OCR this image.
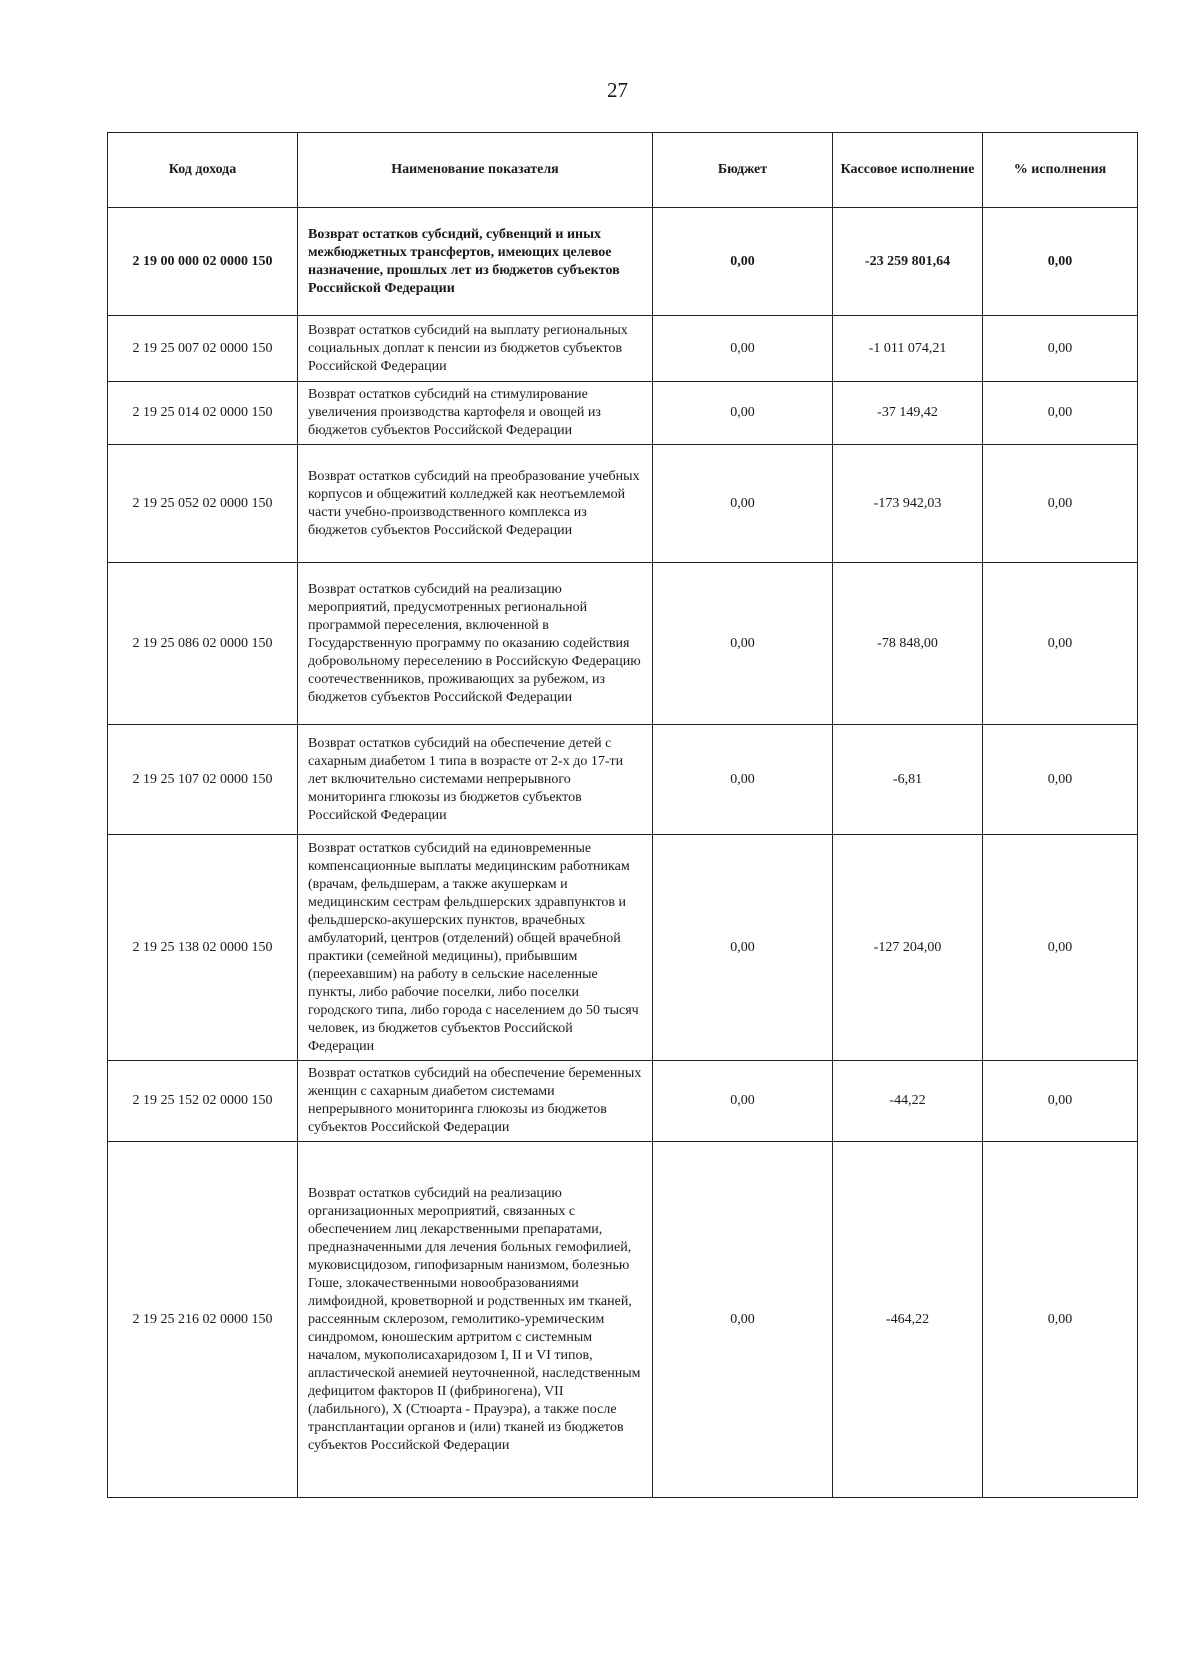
27
Код дохода	Наименование показателя	Бюджет	Кассовое исполнение	% исполнения
2 19 00 000 02 0000 150	Возврат остатков субсидий, субвенций и иных межбюджетных трансфертов, имеющих целевое назначение, прошлых лет из бюджетов субъектов Российской Федерации	0,00	-23 259 801,64	0,00
2 19 25 007 02 0000 150	Возврат остатков субсидий на выплату региональных социальных доплат к пенсии из бюджетов субъектов Российской Федерации	0,00	-1 011 074,21	0,00
2 19 25 014 02 0000 150	Возврат остатков субсидий на стимулирование увеличения производства картофеля и овощей из бюджетов субъектов Российской Федерации	0,00	-37 149,42	0,00
2 19 25 052 02 0000 150	Возврат остатков субсидий на преобразование учебных корпусов и общежитий колледжей как неотъемлемой части учебно-производственного комплекса из бюджетов субъектов Российской Федерации	0,00	-173 942,03	0,00
2 19 25 086 02 0000 150	Возврат остатков субсидий на реализацию мероприятий, предусмотренных региональной программой переселения, включенной в Государственную программу по оказанию содействия добровольному переселению в Российскую Федерацию соотечественников, проживающих за рубежом, из бюджетов субъектов Российской Федерации	0,00	-78 848,00	0,00
2 19 25 107 02 0000 150	Возврат остатков субсидий на обеспечение детей с сахарным диабетом 1 типа в возрасте от 2-х до 17-ти лет включительно системами непрерывного мониторинга глюкозы из бюджетов субъектов Российской Федерации	0,00	-6,81	0,00
2 19 25 138 02 0000 150	Возврат остатков субсидий на единовременные компенсационные выплаты медицинским работникам (врачам, фельдшерам, а также акушеркам и медицинским сестрам фельдшерских здравпунктов и фельдшерско-акушерских пунктов, врачебных амбулаторий, центров (отделений) общей врачебной практики (семейной медицины), прибывшим (переехавшим) на работу в сельские населенные пункты, либо рабочие поселки, либо поселки городского типа, либо города с населением до 50 тысяч человек, из бюджетов субъектов Российской Федерации	0,00	-127 204,00	0,00
2 19 25 152 02 0000 150	Возврат остатков субсидий на обеспечение беременных женщин с сахарным диабетом системами непрерывного мониторинга глюкозы из бюджетов субъектов Российской Федерации	0,00	-44,22	0,00
2 19 25 216 02 0000 150	Возврат остатков субсидий на реализацию организационных мероприятий, связанных с обеспечением лиц лекарственными препаратами, предназначенными для лечения больных гемофилией, муковисцидозом, гипофизарным нанизмом, болезнью Гоше, злокачественными новообразованиями лимфоидной, кроветворной и родственных им тканей, рассеянным склерозом, гемолитико-уремическим синдромом, юношеским артритом с системным началом, мукополисахаридозом I, II и VI типов, апластической анемией неуточненной, наследственным дефицитом факторов II (фибриногена), VII (лабильного), X (Стюарта - Прауэра), а также после трансплантации органов и (или) тканей из бюджетов субъектов Российской Федерации	0,00	-464,22	0,00
